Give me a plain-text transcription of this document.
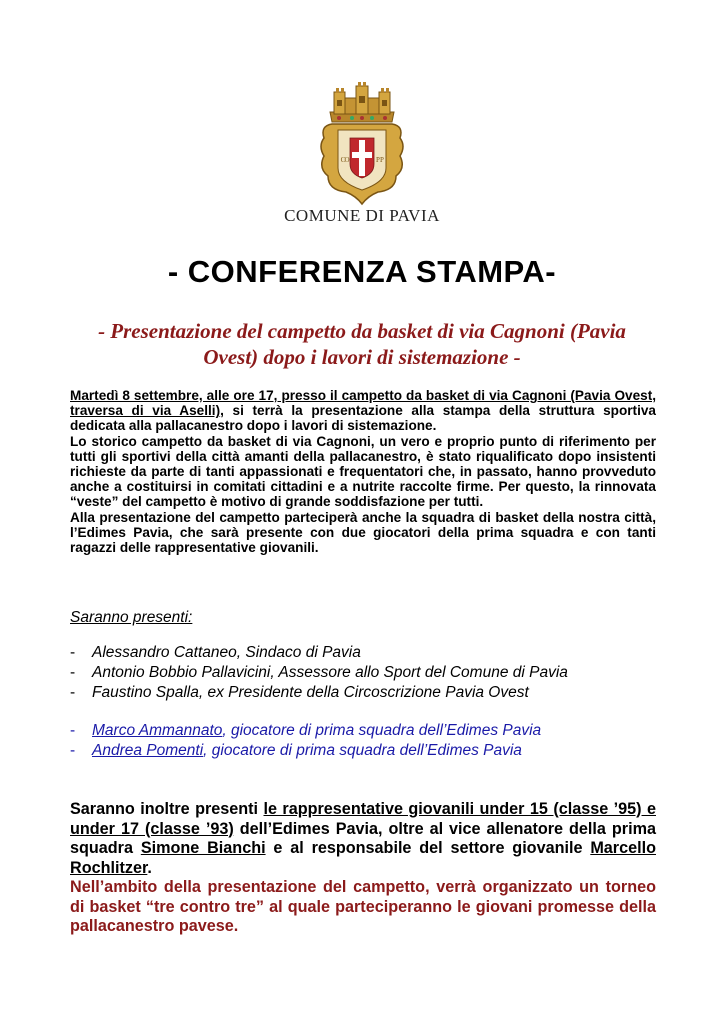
C O	P P
COMUNE DI PAVIA
- CONFERENZA STAMPA-
- Presentazione del campetto da basket di via Cagnoni (Pavia Ovest) dopo i lavori di sistemazione -

Martedì 8 settembre, alle ore 17, presso il campetto da basket di via Cagnoni (Pavia Ovest, traversa di via Aselli), si terrà la presentazione alla stampa della struttura sportiva dedicata alla pallacanestro dopo i lavori di sistemazione.

Lo storico campetto da basket di via Cagnoni, un vero e proprio punto di riferimento per tutti gli sportivi della città amanti della pallacanestro, è stato riqualificato dopo insistenti richieste da parte di tanti appassionati e frequentatori che, in passato, hanno provveduto anche a costituirsi in comitati cittadini e a nutrite raccolte firme. Per questo, la rinnovata “veste” del campetto è motivo di grande soddisfazione per tutti.

Alla presentazione del campetto parteciperà anche la squadra di basket della nostra città, l’Edimes Pavia, che sarà presente con due giocatori della prima squadra e con tanti ragazzi delle rappresentative giovanili.

Saranno presenti:
- Alessandro Cattaneo, Sindaco di Pavia
- Antonio Bobbio Pallavicini, Assessore allo Sport del Comune di Pavia
- Faustino Spalla, ex Presidente della Circoscrizione Pavia Ovest
- Marco Ammannato, giocatore di prima squadra dell’Edimes Pavia
- Andrea Pomenti, giocatore di prima squadra dell’Edimes Pavia

Saranno inoltre presenti le rappresentative giovanili under 15 (classe ’95) e under 17 (classe ’93) dell’Edimes Pavia, oltre al vice allenatore della prima squadra Simone Bianchi e al responsabile del settore giovanile Marcello Rochlitzer.

Nell’ambito della presentazione del campetto, verrà organizzato un torneo di basket “tre contro tre” al quale parteciperanno le giovani promesse della pallacanestro pavese.
